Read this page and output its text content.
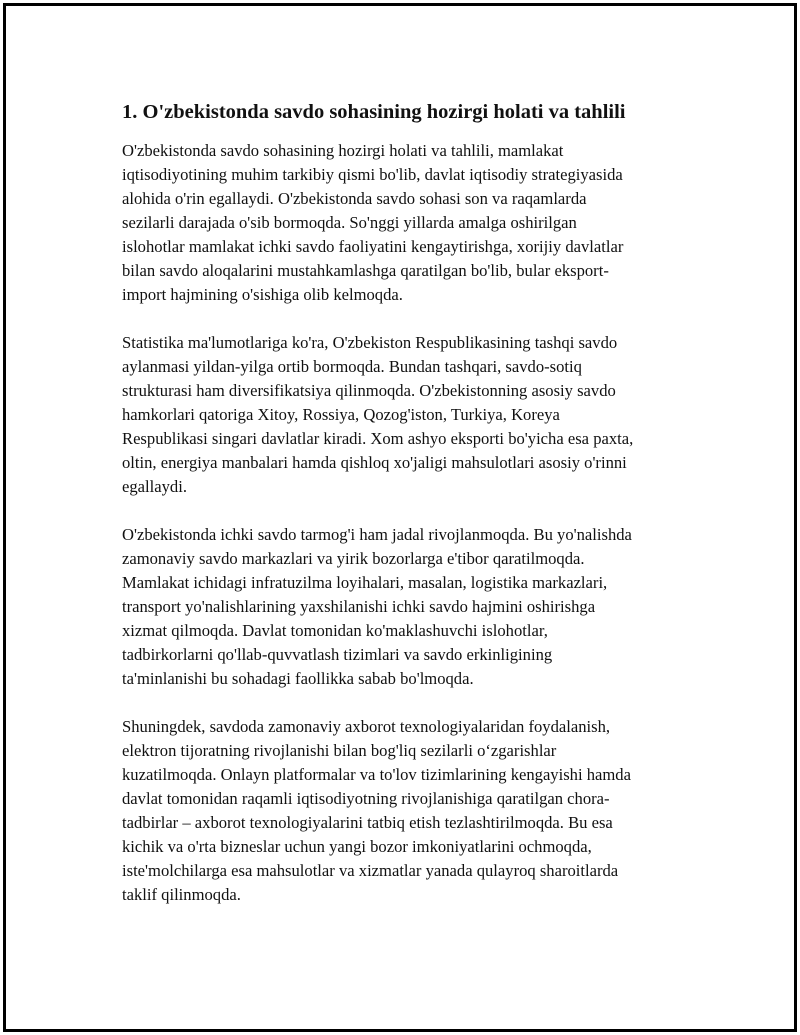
1. O'zbekistonda savdo sohasining hozirgi holati va tahlili

O'zbekistonda savdo sohasining hozirgi holati va tahlili, mamlakat
iqtisodiyotining muhim tarkibiy qismi bo'lib, davlat iqtisodiy strategiyasida
alohida o'rin egallaydi. O'zbekistonda savdo sohasi son va raqamlarda
sezilarli darajada o'sib bormoqda. So'nggi yillarda amalga oshirilgan
islohotlar mamlakat ichki savdo faoliyatini kengaytirishga, xorijiy davlatlar
bilan savdo aloqalarini mustahkamlashga qaratilgan bo'lib, bular eksport-
import hajmining o'sishiga olib kelmoqda.

Statistika ma'lumotlariga ko'ra, O'zbekiston Respublikasining tashqi savdo
aylanmasi yildan-yilga ortib bormoqda. Bundan tashqari, savdo-sotiq
strukturasi ham diversifikatsiya qilinmoqda. O'zbekistonning asosiy savdo
hamkorlari qatoriga Xitoy, Rossiya, Qozog'iston, Turkiya, Koreya
Respublikasi singari davlatlar kiradi. Xom ashyo eksporti bo'yicha esa paxta,
oltin, energiya manbalari hamda qishloq xo'jaligi mahsulotlari asosiy o'rinni
egallaydi.

O'zbekistonda ichki savdo tarmog'i ham jadal rivojlanmoqda. Bu yo'nalishda
zamonaviy savdo markazlari va yirik bozorlarga e'tibor qaratilmoqda.
Mamlakat ichidagi infratuzilma loyihalari, masalan, logistika markazlari,
transport yo'nalishlarining yaxshilanishi ichki savdo hajmini oshirishga
xizmat qilmoqda. Davlat tomonidan ko'maklashuvchi islohotlar,
tadbirkorlarni qo'llab-quvvatlash tizimlari va savdo erkinligining
ta'minlanishi bu sohadagi faollikka sabab bo'lmoqda.

Shuningdek, savdoda zamonaviy axborot texnologiyalaridan foydalanish,
elektron tijoratning rivojlanishi bilan bog'liq sezilarli o‘zgarishlar
kuzatilmoqda. Onlayn platformalar va to'lov tizimlarining kengayishi hamda
davlat tomonidan raqamli iqtisodiyotning rivojlanishiga qaratilgan chora-
tadbirlar – axborot texnologiyalarini tatbiq etish tezlashtirilmoqda. Bu esa
kichik va o'rta bizneslar uchun yangi bozor imkoniyatlarini ochmoqda,
iste'molchilarga esa mahsulotlar va xizmatlar yanada qulayroq sharoitlarda
taklif qilinmoqda.
